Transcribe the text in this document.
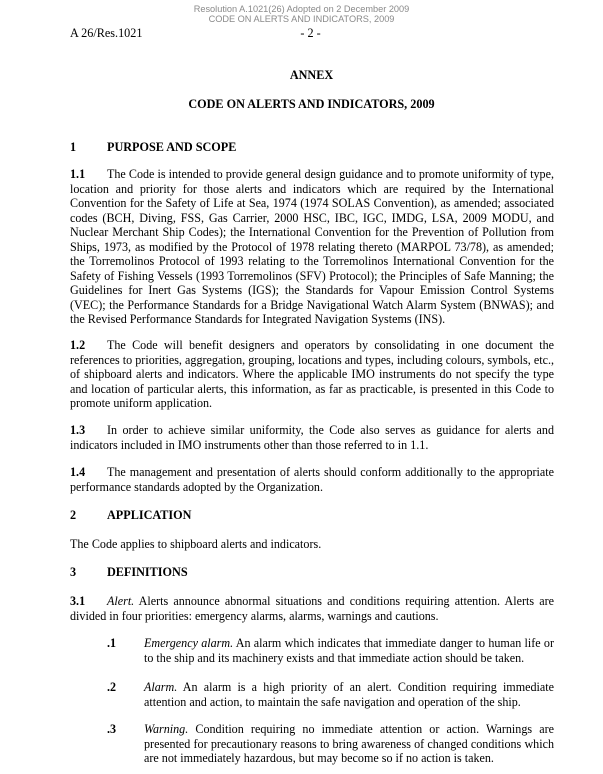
Resolution A.1021(26) Adopted on 2 December 2009
CODE ON ALERTS AND INDICATORS, 2009
A 26/Res.1021	- 2 -
ANNEX
CODE ON ALERTS AND INDICATORS, 2009
1	PURPOSE AND SCOPE
1.1 The Code is intended to provide general design guidance and to promote uniformity of type, location and priority for those alerts and indicators which are required by the International Convention for the Safety of Life at Sea, 1974 (1974 SOLAS Convention), as amended; associated codes (BCH, Diving, FSS, Gas Carrier, 2000 HSC, IBC, IGC, IMDG, LSA, 2009 MODU, and Nuclear Merchant Ship Codes); the International Convention for the Prevention of Pollution from Ships, 1973, as modified by the Protocol of 1978 relating thereto (MARPOL 73/78), as amended; the Torremolinos Protocol of 1993 relating to the Torremolinos International Convention for the Safety of Fishing Vessels (1993 Torremolinos (SFV) Protocol); the Principles of Safe Manning; the Guidelines for Inert Gas Systems (IGS); the Standards for Vapour Emission Control Systems (VEC); the Performance Standards for a Bridge Navigational Watch Alarm System (BNWAS); and the Revised Performance Standards for Integrated Navigation Systems (INS).
1.2 The Code will benefit designers and operators by consolidating in one document the references to priorities, aggregation, grouping, locations and types, including colours, symbols, etc., of shipboard alerts and indicators. Where the applicable IMO instruments do not specify the type and location of particular alerts, this information, as far as practicable, is presented in this Code to promote uniform application.
1.3 In order to achieve similar uniformity, the Code also serves as guidance for alerts and indicators included in IMO instruments other than those referred to in 1.1.
1.4 The management and presentation of alerts should conform additionally to the appropriate performance standards adopted by the Organization.
2	APPLICATION
The Code applies to shipboard alerts and indicators.
3	DEFINITIONS
3.1 Alert. Alerts announce abnormal situations and conditions requiring attention. Alerts are divided in four priorities: emergency alarms, alarms, warnings and cautions.
.1 Emergency alarm. An alarm which indicates that immediate danger to human life or to the ship and its machinery exists and that immediate action should be taken.
.2 Alarm. An alarm is a high priority of an alert. Condition requiring immediate attention and action, to maintain the safe navigation and operation of the ship.
.3 Warning. Condition requiring no immediate attention or action. Warnings are presented for precautionary reasons to bring awareness of changed conditions which are not immediately hazardous, but may become so if no action is taken.
